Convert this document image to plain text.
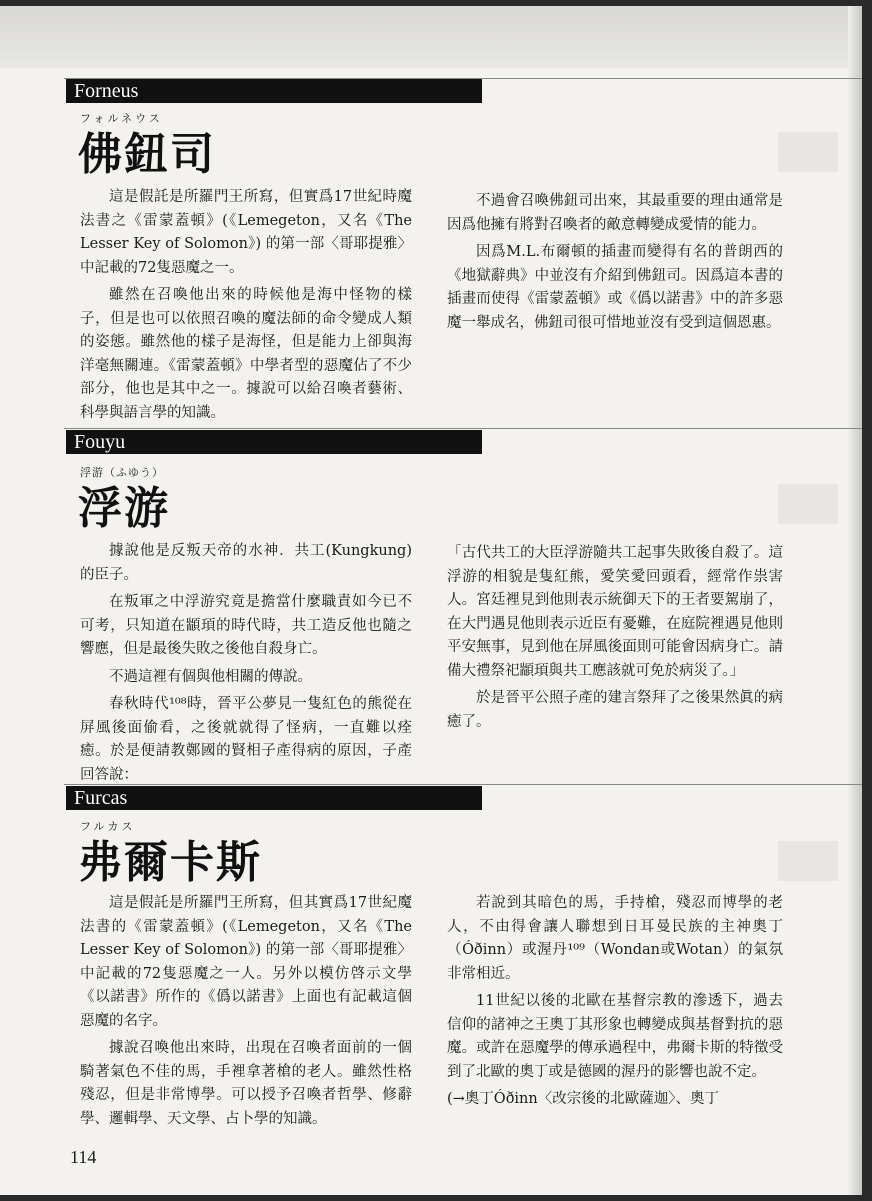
Forneus
フォルネウス
佛鈕司

這是假託是所羅門王所寫，但實爲17世紀時魔法書之《雷蒙蓋頓》(《Lemegeton，又名《The Lesser Key of Solomon》) 的第一部〈哥耶提雅〉中記載的72隻惡魔之一。

雖然在召喚他出來的時候他是海中怪物的樣子，但是也可以依照召喚的魔法師的命令變成人類的姿態。雖然他的樣子是海怪，但是能力上卻與海洋毫無關連。《雷蒙蓋頓》中學者型的惡魔佔了不少部分，他也是其中之一。據說可以給召喚者藝術、科學與語言學的知識。

不過會召喚佛鈕司出來，其最重要的理由通常是因爲他擁有將對召喚者的敵意轉變成愛情的能力。

因爲M.L.布爾頓的插畫而變得有名的普朗西的《地獄辭典》中並沒有介紹到佛鈕司。因爲這本書的插畫而使得《雷蒙蓋頓》或《僞以諾書》中的許多惡魔一舉成名，佛鈕司很可惜地並沒有受到這個恩惠。

Fouyu
浮游（ふゆう）
浮游

據說他是反叛天帝的水神．共工(Kungkung)的臣子。

在叛軍之中浮游究竟是擔當什麼職責如今已不可考，只知道在顓頊的時代時，共工造反他也隨之響應，但是最後失敗之後他自殺身亡。

不過這裡有個與他相關的傳說。

春秋時代¹⁰⁸時，晉平公夢見一隻紅色的熊從在屏風後面偷看，之後就就得了怪病，一直難以痊癒。於是便請教鄭國的賢相子產得病的原因，子產回答說：

「古代共工的大臣浮游隨共工起事失敗後自殺了。這浮游的相貌是隻紅熊，愛笑愛回頭看，經常作祟害人。宮廷裡見到他則表示統御天下的王者要駕崩了，在大門遇見他則表示近臣有憂難，在庭院裡遇見他則平安無事，見到他在屏風後面則可能會因病身亡。請備大禮祭祀顓頊與共工應該就可免於病災了。」

於是晉平公照子產的建言祭拜了之後果然眞的病癒了。

Furcas
フルカス
弗爾卡斯

這是假託是所羅門王所寫，但其實爲17世紀魔法書的《雷蒙蓋頓》(《Lemegeton，又名《The Lesser Key of Solomon》) 的第一部〈哥耶提雅〉中記載的72隻惡魔之一人。另外以模仿啓示文學《以諾書》所作的《僞以諾書》上面也有記載這個惡魔的名字。

據說召喚他出來時，出現在召喚者面前的一個騎著氣色不佳的馬，手裡拿著槍的老人。雖然性格殘忍，但是非常博學。可以授予召喚者哲學、修辭學、邏輯學、天文學、占卜學的知識。

若說到其暗色的馬，手持槍，殘忍而博學的老人，不由得會讓人聯想到日耳曼民族的主神奧丁（Óðinn）或渥丹¹⁰⁹（Wondan或Wotan）的氣氛非常相近。

11世紀以後的北歐在基督宗教的滲透下，過去信仰的諸神之王奧丁其形象也轉變成與基督對抗的惡魔。或許在惡魔學的傳承過程中，弗爾卡斯的特徵受到了北歐的奧丁或是德國的渥丹的影響也說不定。

(→奧丁Óðinn〈改宗後的北歐薩迦〉、奧丁

114
